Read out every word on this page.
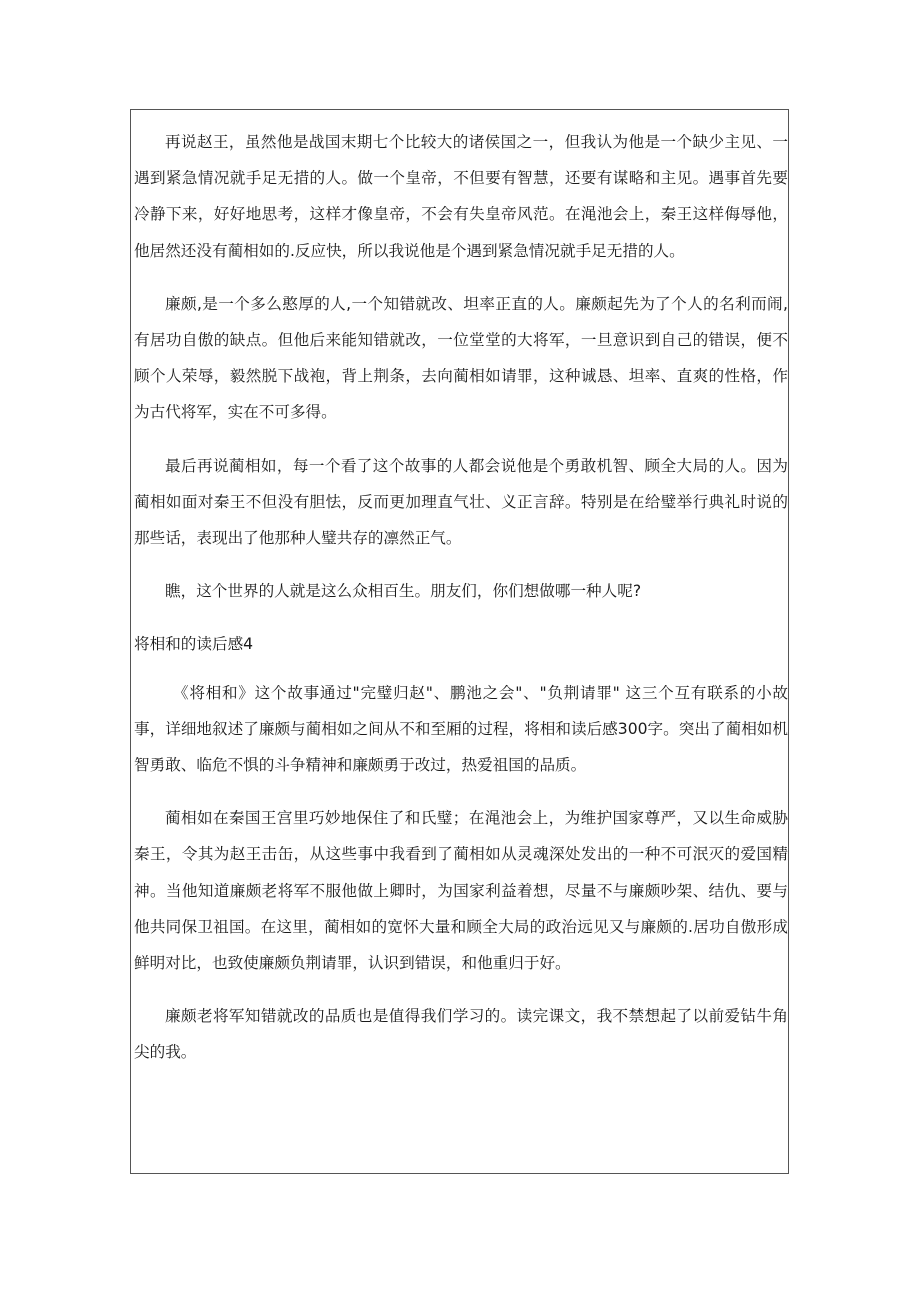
再说赵王，虽然他是战国末期七个比较大的诸侯国之一，但我认为他是一个缺少主见、一遇到紧急情况就手足无措的人。做一个皇帝，不但要有智慧，还要有谋略和主见。遇事首先要冷静下来，好好地思考，这样才像皇帝，不会有失皇帝风范。在渑池会上，秦王这样侮辱他，他居然还没有蔺相如的.反应快，所以我说他是个遇到紧急情况就手足无措的人。

廉颇,是一个多么憨厚的人,一个知错就改、坦率正直的人。廉颇起先为了个人的名利而闹,有居功自傲的缺点。但他后来能知错就改，一位堂堂的大将军，一旦意识到自己的错误，便不顾个人荣辱，毅然脱下战袍，背上荆条，去向蔺相如请罪，这种诚恳、坦率、直爽的性格，作为古代将军，实在不可多得。

最后再说蔺相如，每一个看了这个故事的人都会说他是个勇敢机智、顾全大局的人。因为蔺相如面对秦王不但没有胆怯，反而更加理直气壮、义正言辞。特别是在给璧举行典礼时说的那些话，表现出了他那种人璧共存的凛然正气。

瞧，这个世界的人就是这么众相百生。朋友们，你们想做哪一种人呢?

将相和的读后感4

《将相和》这个故事通过"完璧归赵"、鹏池之会"、"负荆请罪" 这三个互有联系的小故事，详细地叙述了廉颇与蔺相如之间从不和至厢的过程，将相和读后感300字。突出了蔺相如机智勇敢、临危不惧的斗争精神和廉颇勇于改过，热爱祖国的品质。

蔺相如在秦国王宫里巧妙地保住了和氏璧；在渑池会上，为维护国家尊严，又以生命威胁秦王，令其为赵王击缶，从这些事中我看到了蔺相如从灵魂深处发出的一种不可泯灭的爱国精神。当他知道廉颇老将军不服他做上卿时，为国家利益着想，尽量不与廉颇吵架、结仇、要与他共同保卫祖国。在这里，蔺相如的宽怀大量和顾全大局的政治远见又与廉颇的.居功自傲形成鲜明对比，也致使廉颇负荆请罪，认识到错误，和他重归于好。

廉颇老将军知错就改的品质也是值得我们学习的。读完课文，我不禁想起了以前爱钻牛角尖的我。
